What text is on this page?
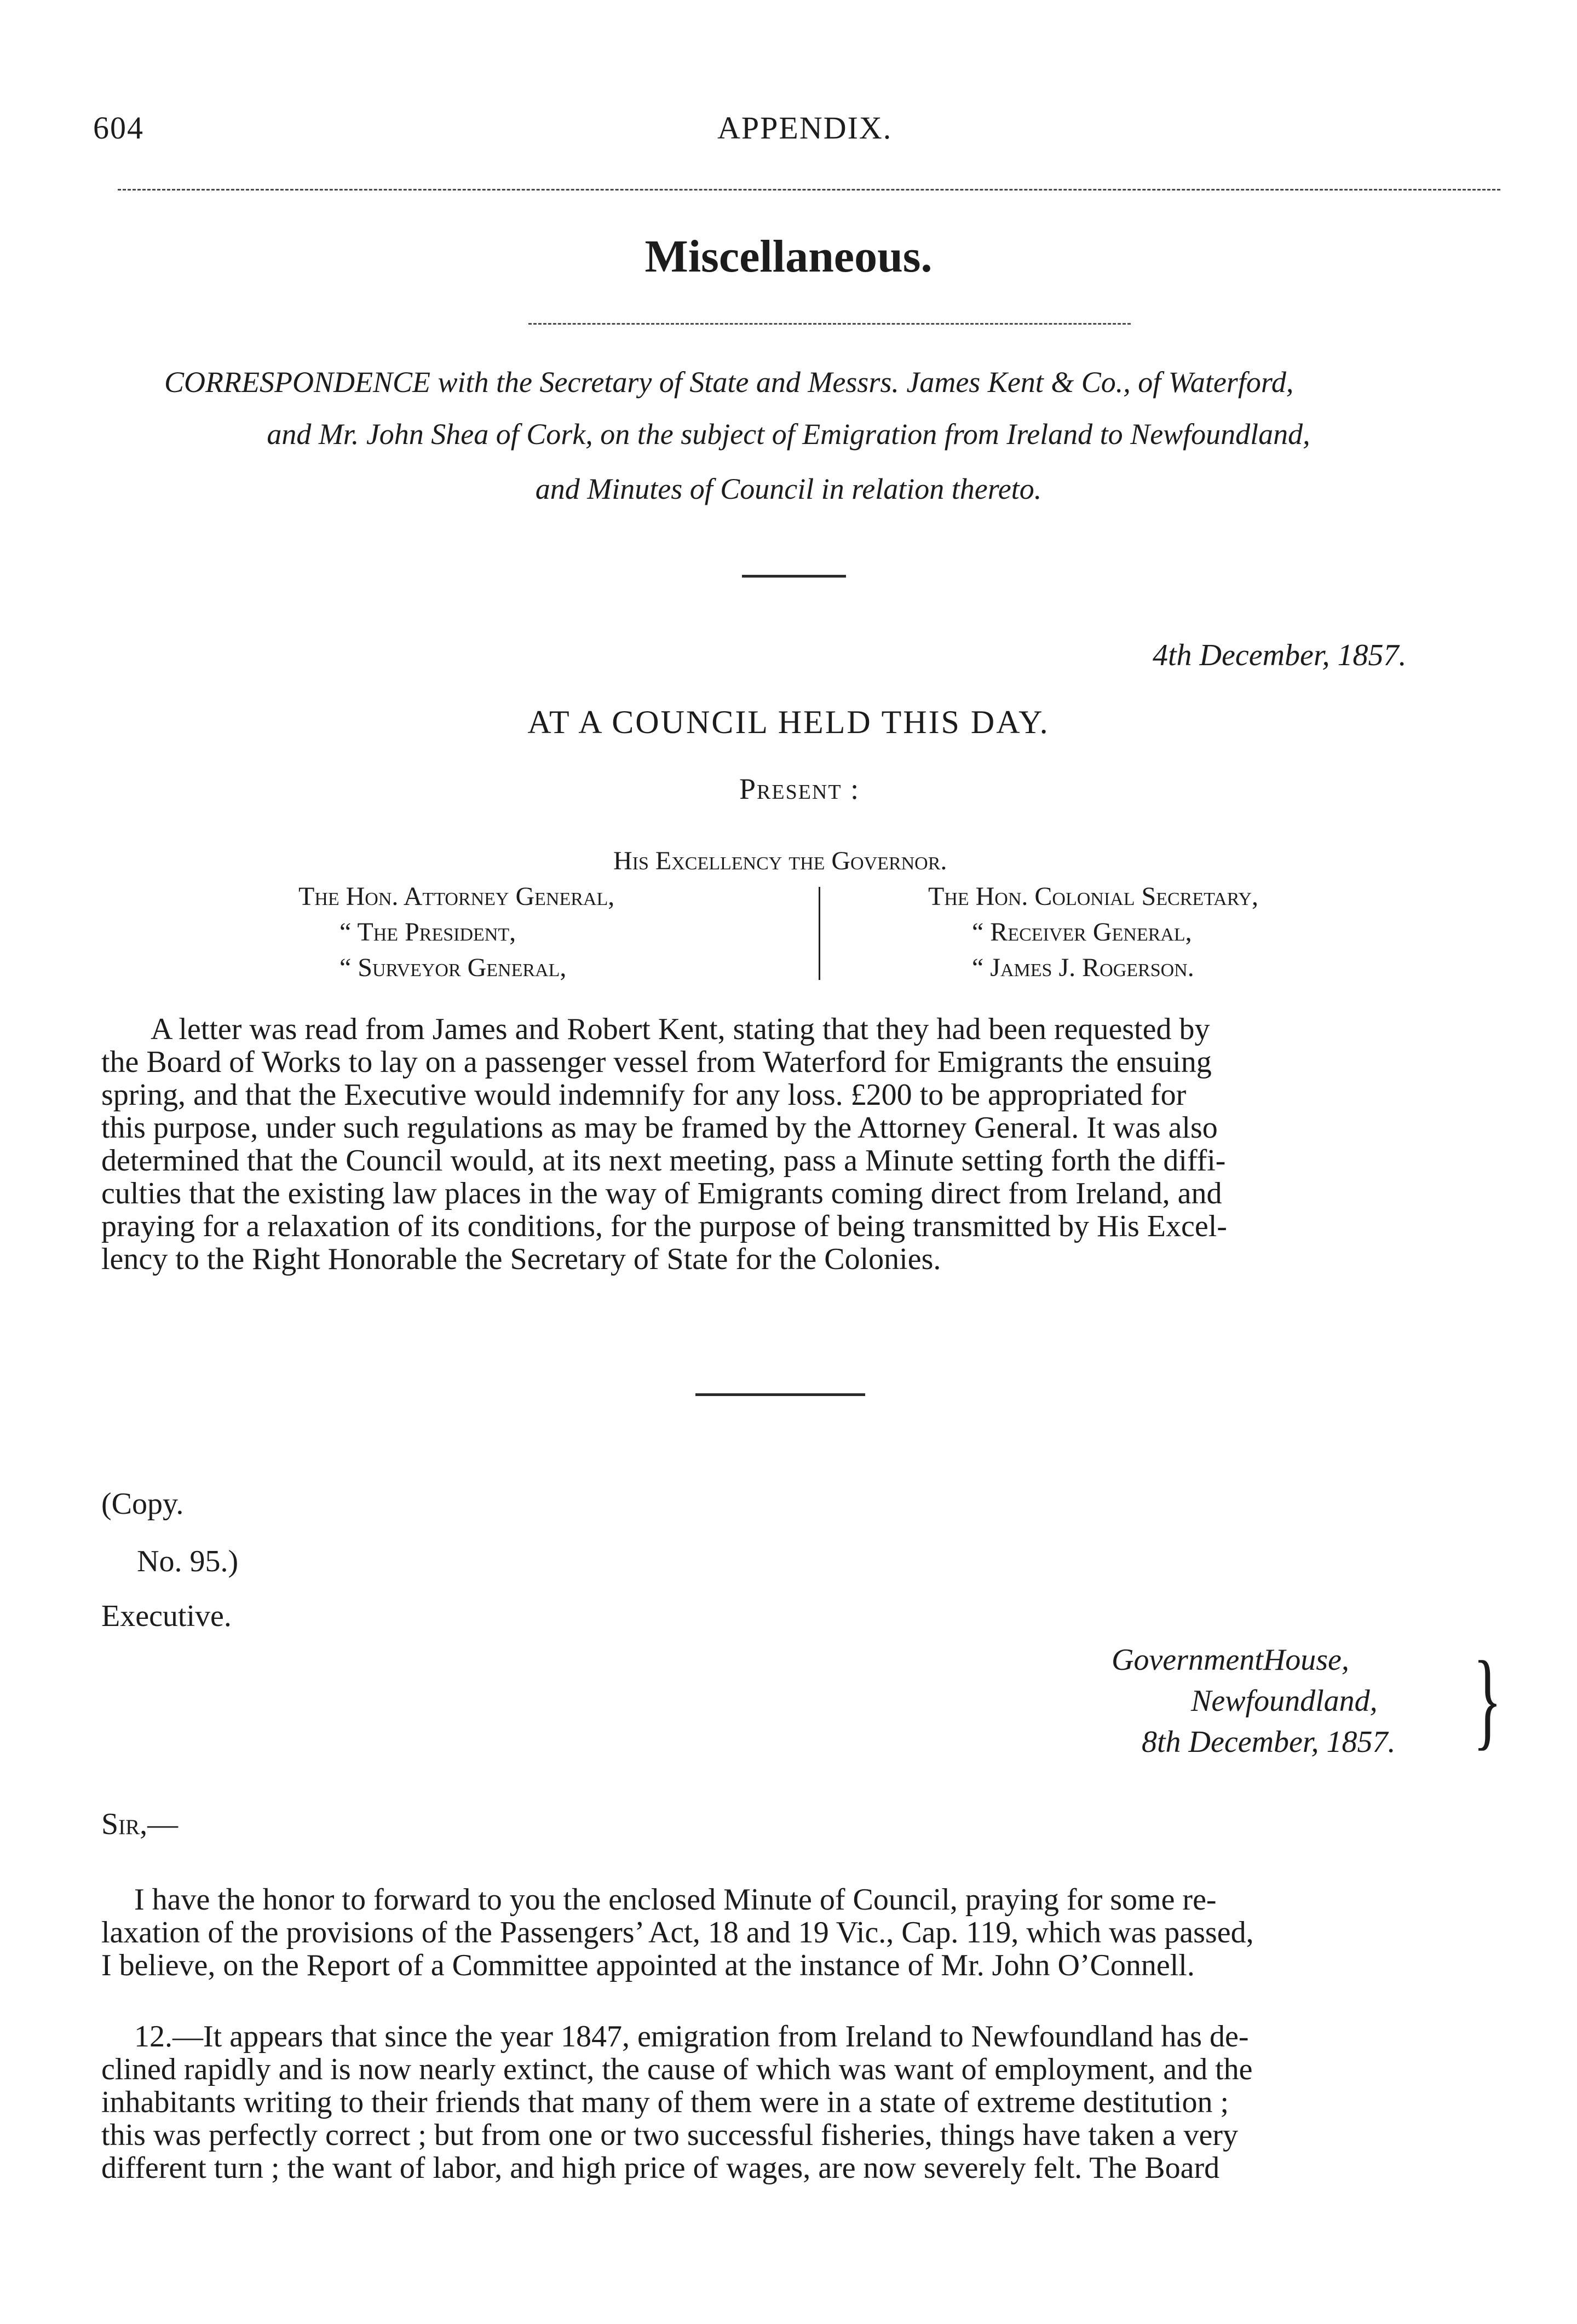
604	APPENDIX.
Miscellaneous.
CORRESPONDENCE with the Secretary of State and Messrs. James Kent & Co., of Waterford,
and Mr. John Shea of Cork, on the subject of Emigration from Ireland to Newfoundland,
and Minutes of Council in relation thereto.
4th December, 1857.
AT A COUNCIL HELD THIS DAY.
Present :
His Excellency the Governor.
The Hon. Attorney General,
“ The President,
“ Surveyor General,
The Hon. Colonial Secretary,
“ Receiver General,
“ James J. Rogerson.
A letter was read from James and Robert Kent, stating that they had been requested by
the Board of Works to lay on a passenger vessel from Waterford for Emigrants the ensuing
spring, and that the Executive would indemnify for any loss. £200 to be appropriated for
this purpose, under such regulations as may be framed by the Attorney General. It was also
determined that the Council would, at its next meeting, pass a Minute setting forth the diffi-
culties that the existing law places in the way of Emigrants coming direct from Ireland, and
praying for a relaxation of its conditions, for the purpose of being transmitted by His Excel-
lency to the Right Honorable the Secretary of State for the Colonies.
(Copy.
No. 95.)
Executive.
GovernmentHouse,
Newfoundland,
8th December, 1857. }
Sir,—
I have the honor to forward to you the enclosed Minute of Council, praying for some re-
laxation of the provisions of the Passengers’ Act, 18 and 19 Vic., Cap. 119, which was passed,
I believe, on the Report of a Committee appointed at the instance of Mr. John O’Connell.
12.—It appears that since the year 1847, emigration from Ireland to Newfoundland has de-
clined rapidly and is now nearly extinct, the cause of which was want of employment, and the
inhabitants writing to their friends that many of them were in a state of extreme destitution ;
this was perfectly correct ; but from one or two successful fisheries, things have taken a very
different turn ; the want of labor, and high price of wages, are now severely felt. The Board
